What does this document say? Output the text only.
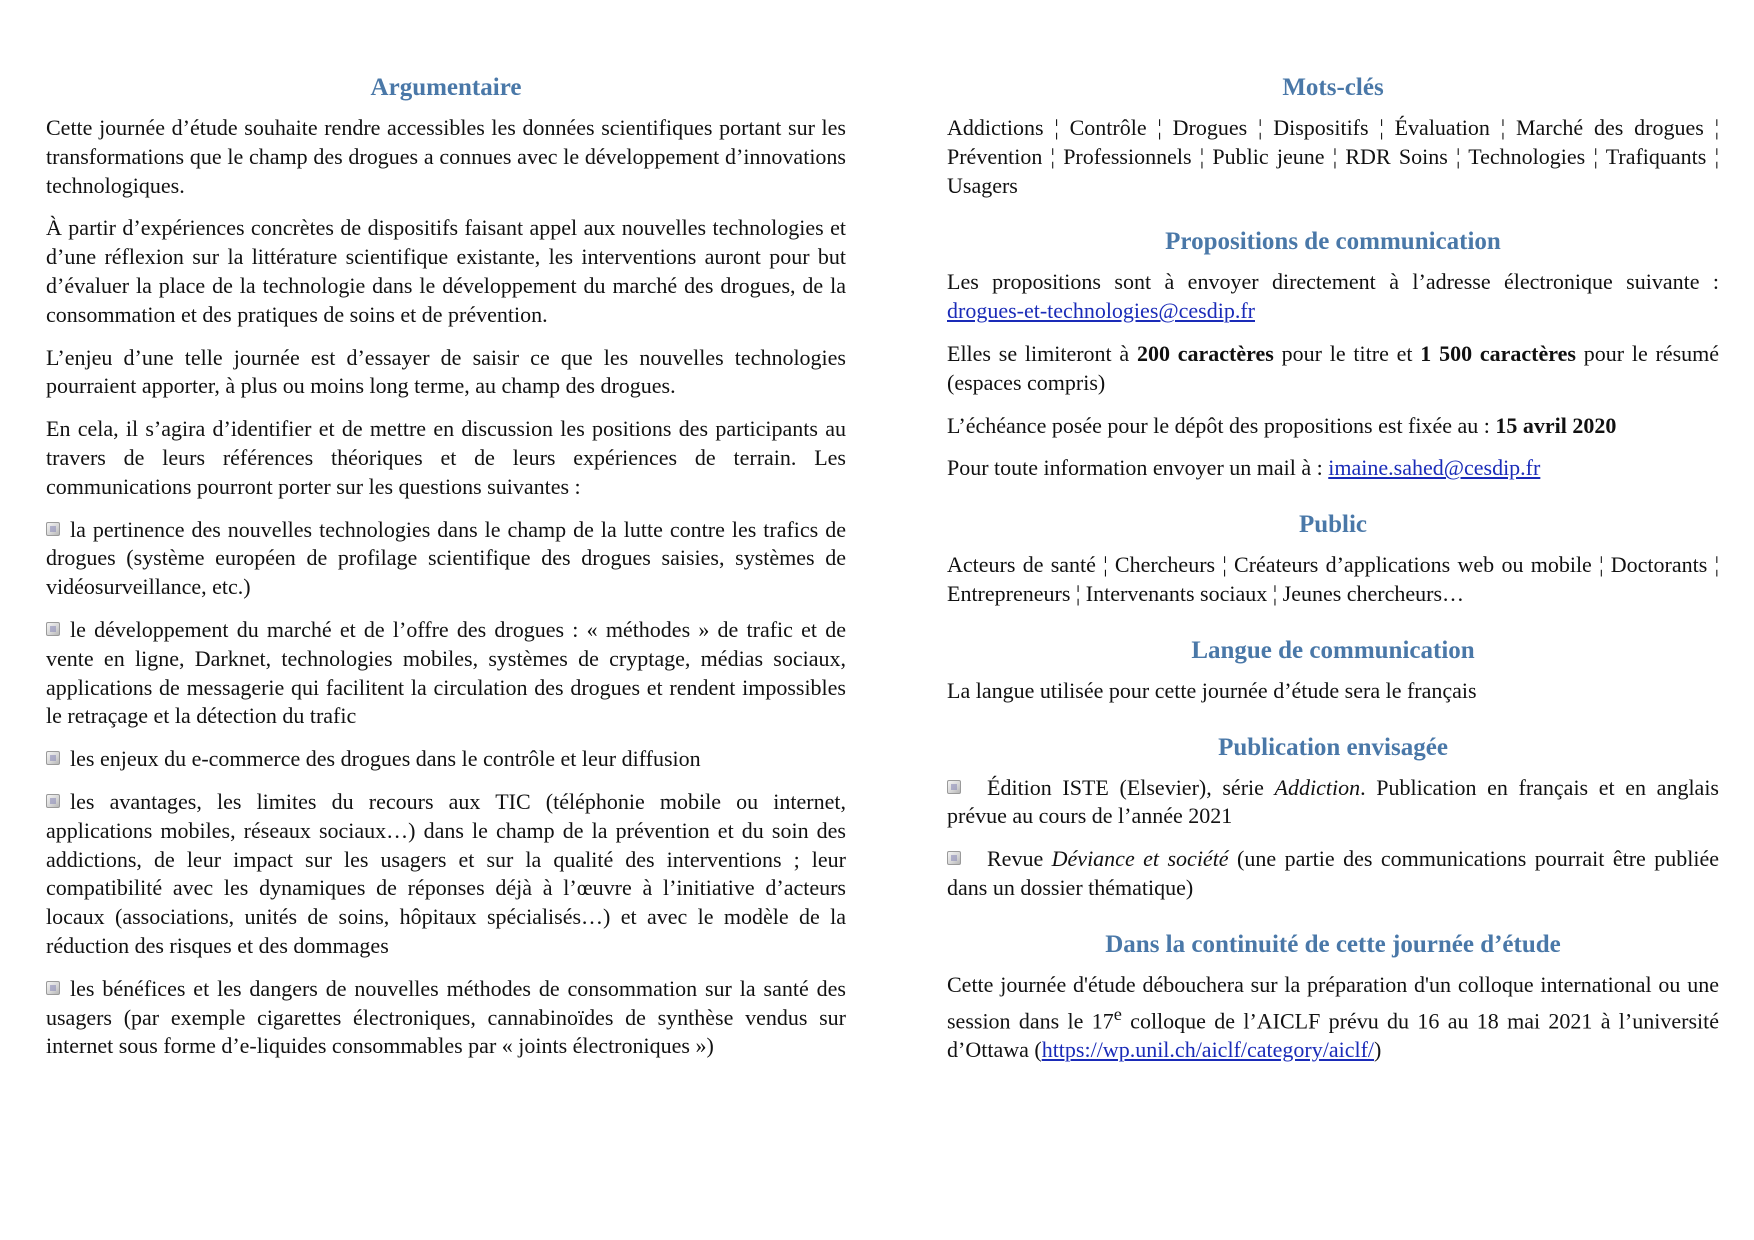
Argumentaire

Cette journée d’étude souhaite rendre accessibles les données scientifiques portant sur les transformations que le champ des drogues a connues avec le développement d’innovations technologiques.

À partir d’expériences concrètes de dispositifs faisant appel aux nouvelles technologies et d’une réflexion sur la littérature scientifique existante, les interventions auront pour but d’évaluer la place de la technologie dans le développement du marché des drogues, de la consommation et des pratiques de soins et de prévention.

L’enjeu d’une telle journée est d’essayer de saisir ce que les nouvelles technologies pourraient apporter, à plus ou moins long terme, au champ des drogues.

En cela, il s’agira d’identifier et de mettre en discussion les positions des participants au travers de leurs références théoriques et de leurs expériences de terrain. Les communications pourront porter sur les questions suivantes :

la pertinence des nouvelles technologies dans le champ de la lutte contre les trafics de drogues (système européen de profilage scientifique des drogues saisies, systèmes de vidéosurveillance, etc.)

le développement du marché et de l’offre des drogues : « méthodes » de trafic et de vente en ligne, Darknet, technologies mobiles, systèmes de cryptage, médias sociaux, applications de messagerie qui facilitent la circulation des drogues et rendent impossibles le retraçage et la détection du trafic

les enjeux du e-commerce des drogues dans le contrôle et leur diffusion

les avantages, les limites du recours aux TIC (téléphonie mobile ou internet, applications mobiles, réseaux sociaux…) dans le champ de la prévention et du soin des addictions, de leur impact sur les usagers et sur la qualité des interventions ; leur compatibilité avec les dynamiques de réponses déjà à l’œuvre à l’initiative d’acteurs locaux (associations, unités de soins, hôpitaux spécialisés…) et avec le modèle de la réduction des risques et des dommages

les bénéfices et les dangers de nouvelles méthodes de consommation sur la santé des usagers (par exemple cigarettes électroniques, cannabinoïdes de synthèse vendus sur internet sous forme d’e-liquides consommables par « joints électroniques »)

Mots-clés

Addictions ¦ Contrôle ¦ Drogues ¦ Dispositifs ¦ Évaluation ¦ Marché des drogues ¦ Prévention ¦ Professionnels ¦ Public jeune ¦ RDR Soins ¦ Technologies ¦ Trafiquants ¦ Usagers

Propositions de communication

Les propositions sont à envoyer directement à l’adresse électronique suivante : drogues-et-technologies@cesdip.fr

Elles se limiteront à 200 caractères pour le titre et 1 500 caractères pour le résumé (espaces compris)

L’échéance posée pour le dépôt des propositions est fixée au : 15 avril 2020

Pour toute information envoyer un mail à : imaine.sahed@cesdip.fr

Public

Acteurs de santé ¦ Chercheurs ¦ Créateurs d’applications web ou mobile ¦ Doctorants ¦ Entrepreneurs ¦ Intervenants sociaux ¦ Jeunes chercheurs…

Langue de communication

La langue utilisée pour cette journée d’étude sera le français

Publication envisagée

Édition ISTE (Elsevier), série Addiction. Publication en français et en anglais prévue au cours de l’année 2021

Revue Déviance et société (une partie des communications pourrait être publiée dans un dossier thématique)

Dans la continuité de cette journée d’étude

Cette journée d'étude débouchera sur la préparation d'un colloque international ou une session dans le 17e colloque de l’AICLF prévu du 16 au 18 mai 2021 à l’université d’Ottawa (https://wp.unil.ch/aiclf/category/aiclf/)
